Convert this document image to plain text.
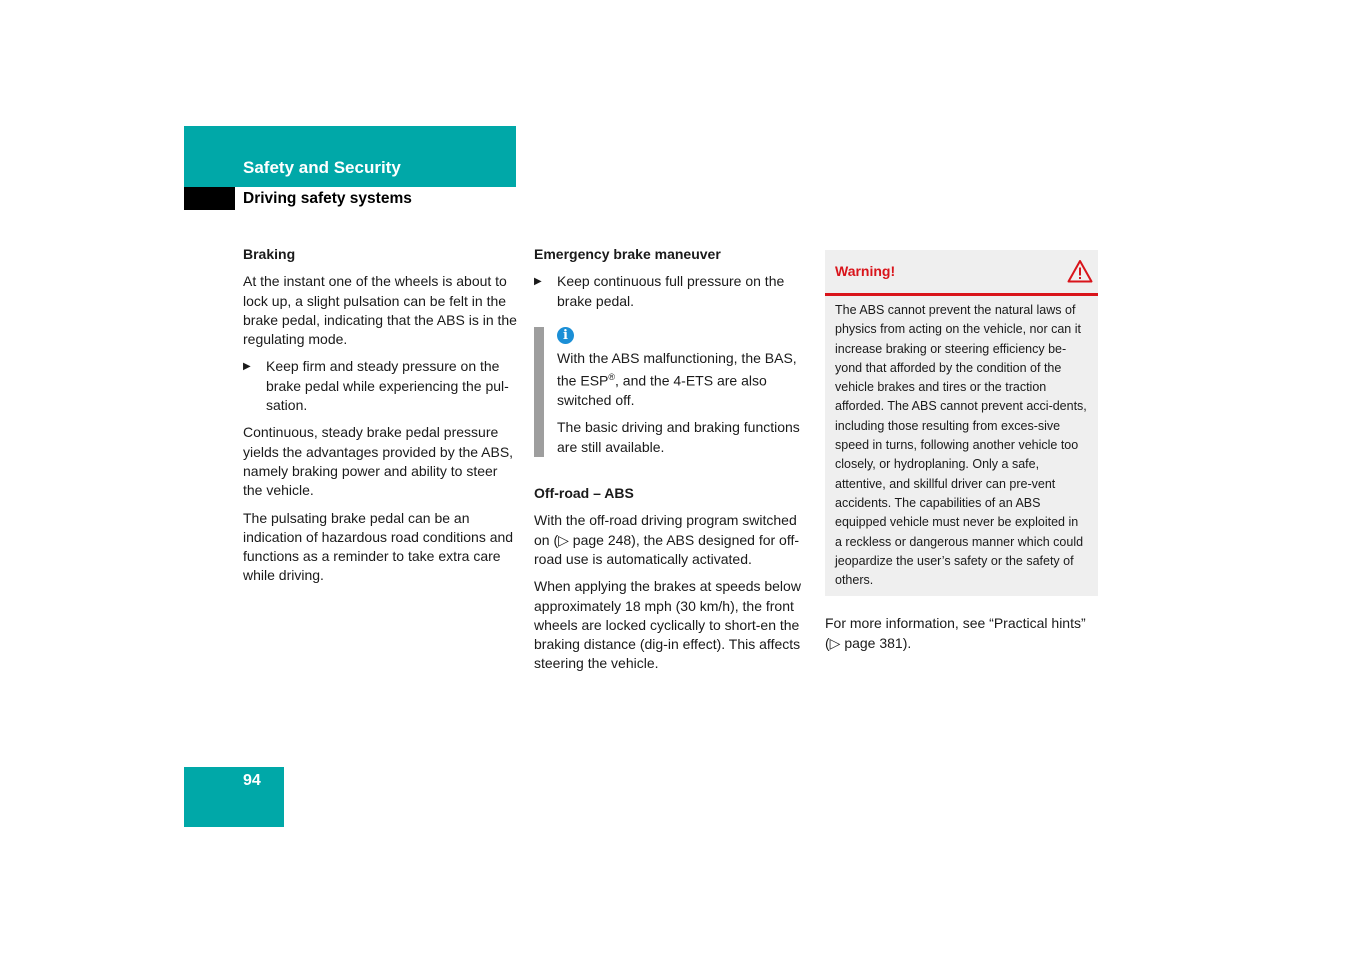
Safety and Security
Driving safety systems
Braking

At the instant one of the wheels is about to lock up, a slight pulsation can be felt in the brake pedal, indicating that the ABS is in the regulating mode.

▶ Keep firm and steady pressure on the brake pedal while experiencing the pul-sation.

Continuous, steady brake pedal pressure yields the advantages provided by the ABS, namely braking power and ability to steer the vehicle.

The pulsating brake pedal can be an indication of hazardous road conditions and functions as a reminder to take extra care while driving.

Emergency brake maneuver
▶ Keep continuous full pressure on the brake pedal.
i

With the ABS malfunctioning, the BAS, the ESP®, and the 4-ETS are also switched off.

The basic driving and braking functions are still available.

Off-road – ABS

With the off-road driving program switched on (▷ page 248), the ABS designed for off-road use is automatically activated.

When applying the brakes at speeds below approximately 18 mph (30 km/h), the front wheels are locked cyclically to short-en the braking distance (dig-in effect). This affects steering the vehicle.

Warning!
The ABS cannot prevent the natural laws of physics from acting on the vehicle, nor can it increase braking or steering efficiency be-yond that afforded by the condition of the vehicle brakes and tires or the traction afforded. The ABS cannot prevent acci-dents, including those resulting from exces-sive speed in turns, following another vehicle too closely, or hydroplaning. Only a safe, attentive, and skillful driver can pre-vent accidents. The capabilities of an ABS equipped vehicle must never be exploited in a reckless or dangerous manner which could jeopardize the user’s safety or the safety of others.

For more information, see “Practical hints” (▷ page 381).

94
